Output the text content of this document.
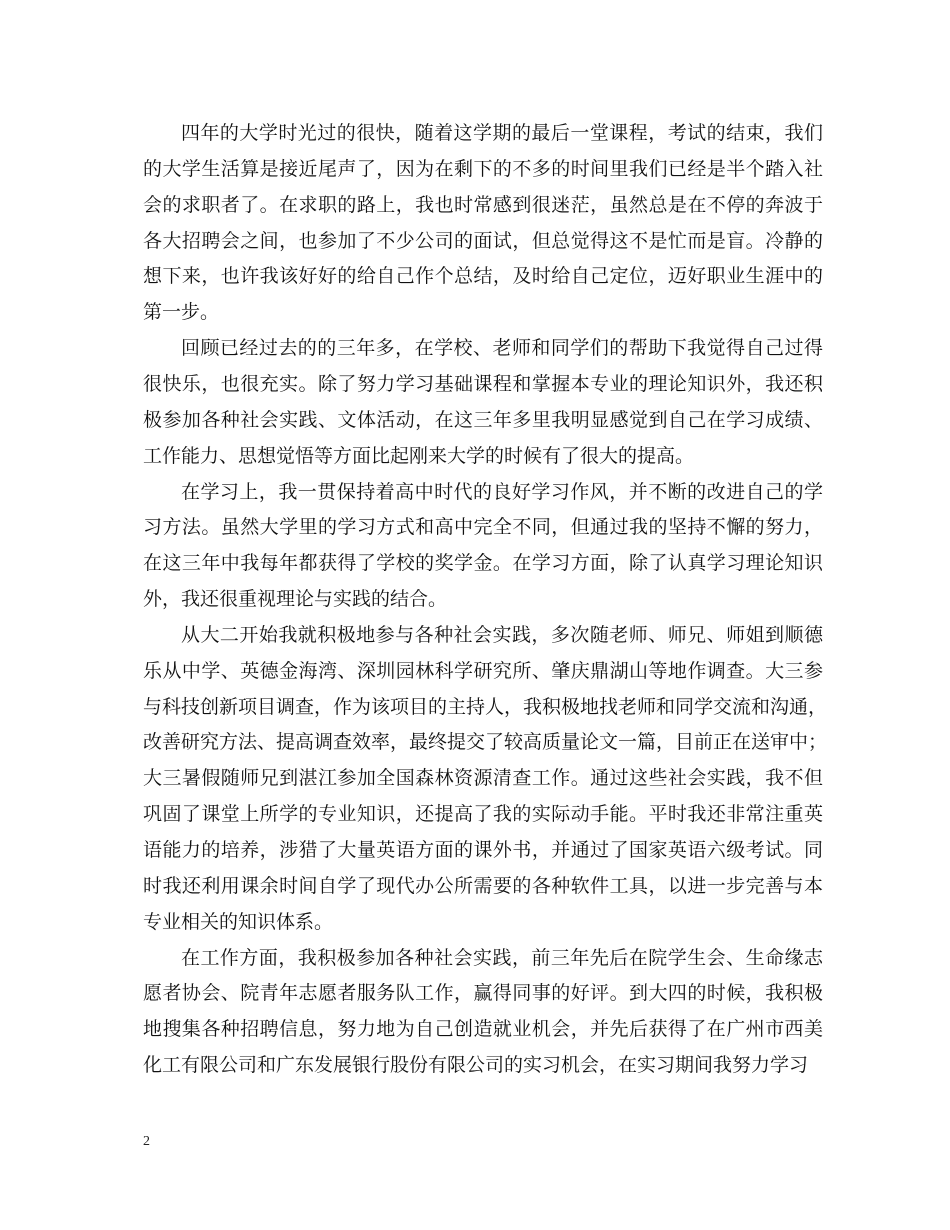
四年的大学时光过的很快，随着这学期的最后一堂课程，考试的结束，我们
的大学生活算是接近尾声了，因为在剩下的不多的时间里我们已经是半个踏入社
会的求职者了。在求职的路上，我也时常感到很迷茫，虽然总是在不停的奔波于
各大招聘会之间，也参加了不少公司的面试，但总觉得这不是忙而是盲。冷静的
想下来，也许我该好好的给自己作个总结，及时给自己定位，迈好职业生涯中的
第一步。
回顾已经过去的的三年多，在学校、老师和同学们的帮助下我觉得自己过得
很快乐，也很充实。除了努力学习基础课程和掌握本专业的理论知识外，我还积
极参加各种社会实践、文体活动，在这三年多里我明显感觉到自己在学习成绩、
工作能力、思想觉悟等方面比起刚来大学的时候有了很大的提高。
在学习上，我一贯保持着高中时代的良好学习作风，并不断的改进自己的学
习方法。虽然大学里的学习方式和高中完全不同，但通过我的坚持不懈的努力，
在这三年中我每年都获得了学校的奖学金。在学习方面，除了认真学习理论知识
外，我还很重视理论与实践的结合。
从大二开始我就积极地参与各种社会实践，多次随老师、师兄、师姐到顺德
乐从中学、英德金海湾、深圳园林科学研究所、肇庆鼎湖山等地作调查。大三参
与科技创新项目调查，作为该项目的主持人，我积极地找老师和同学交流和沟通，
改善研究方法、提高调查效率，最终提交了较高质量论文一篇，目前正在送审中；
大三暑假随师兄到湛江参加全国森林资源清查工作。通过这些社会实践，我不但
巩固了课堂上所学的专业知识，还提高了我的实际动手能。平时我还非常注重英
语能力的培养，涉猎了大量英语方面的课外书，并通过了国家英语六级考试。同
时我还利用课余时间自学了现代办公所需要的各种软件工具，以进一步完善与本
专业相关的知识体系。
在工作方面，我积极参加各种社会实践，前三年先后在院学生会、生命缘志
愿者协会、院青年志愿者服务队工作，赢得同事的好评。到大四的时候，我积极
地搜集各种招聘信息，努力地为自己创造就业机会，并先后获得了在广州市西美
化工有限公司和广东发展银行股份有限公司的实习机会，在实习期间我努力学习
2
